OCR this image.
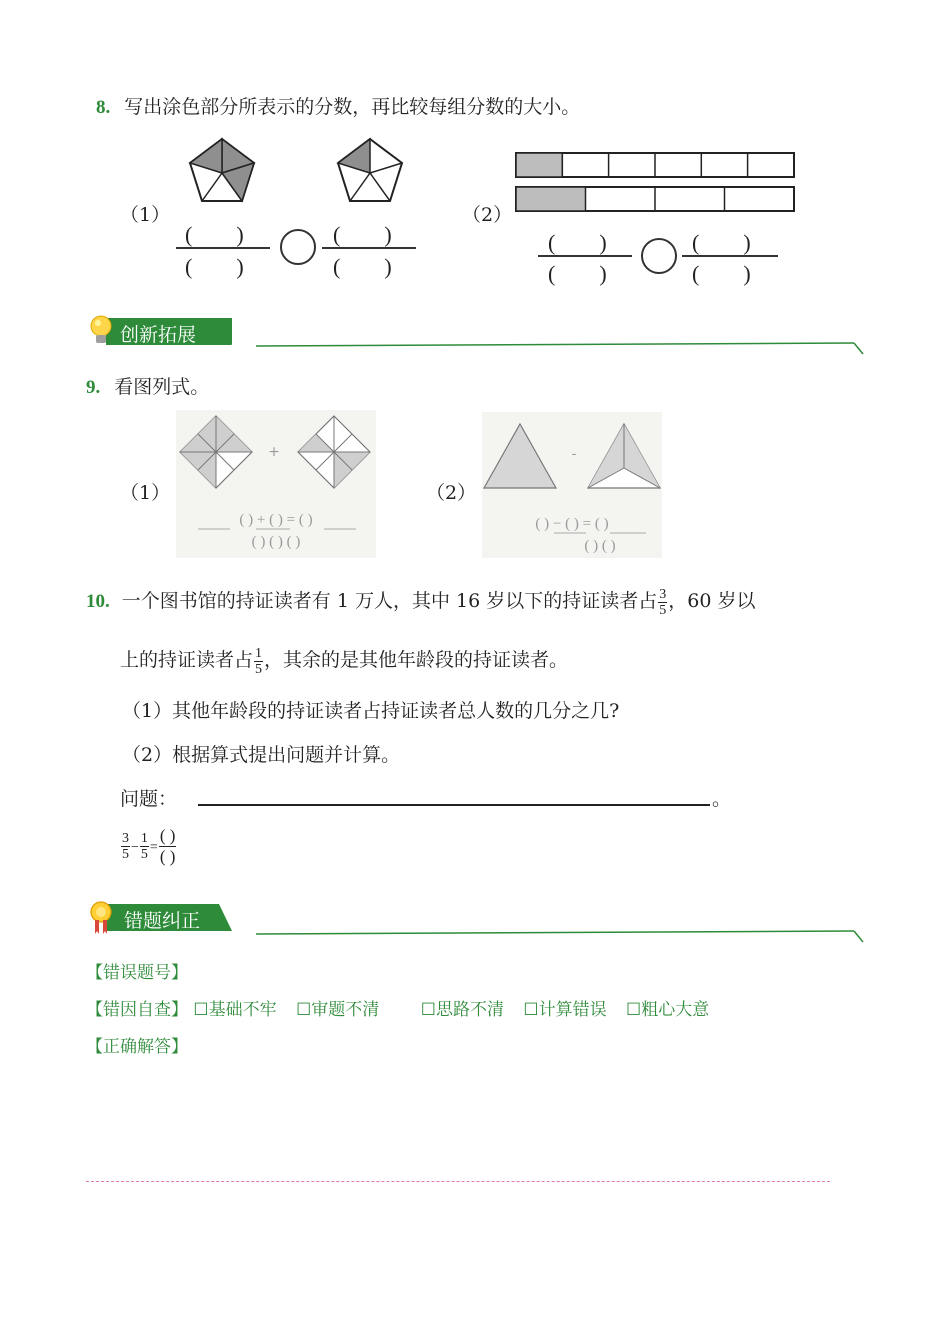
8. 写出涂色部分所表示的分数，再比较每组分数的大小。
（1）
(　　)
(　　)
(　　)
(　　)
（2）
(　　)
(　　)
(　　)
(　　)
创新拓展
9. 看图列式。
（1）	（2）
+
( ) + ( ) = ( )
( ) ( ) ( )
-
( ) − ( ) = ( )
( ) ( )
10. 一个图书馆的持证读者有 1 万人，其中 16 岁以下的持证读者占 $\frac{3}{5}$ ，60 岁以
上的持证读者占 $\frac{1}{5}$ ，其余的是其他年龄段的持证读者。
（1）其他年龄段的持证读者占持证读者总人数的几分之几?
（2）根据算式提出问题并计算。
问题：	。
$\frac{3}{5} - \frac{1}{5}$ =
( )
( )
错题纠正
【错误题号】
【错因自查】 ☐基础不牢 ☐审题不清 ☐思路不清 ☐计算错误 ☐粗心大意
【正确解答】
